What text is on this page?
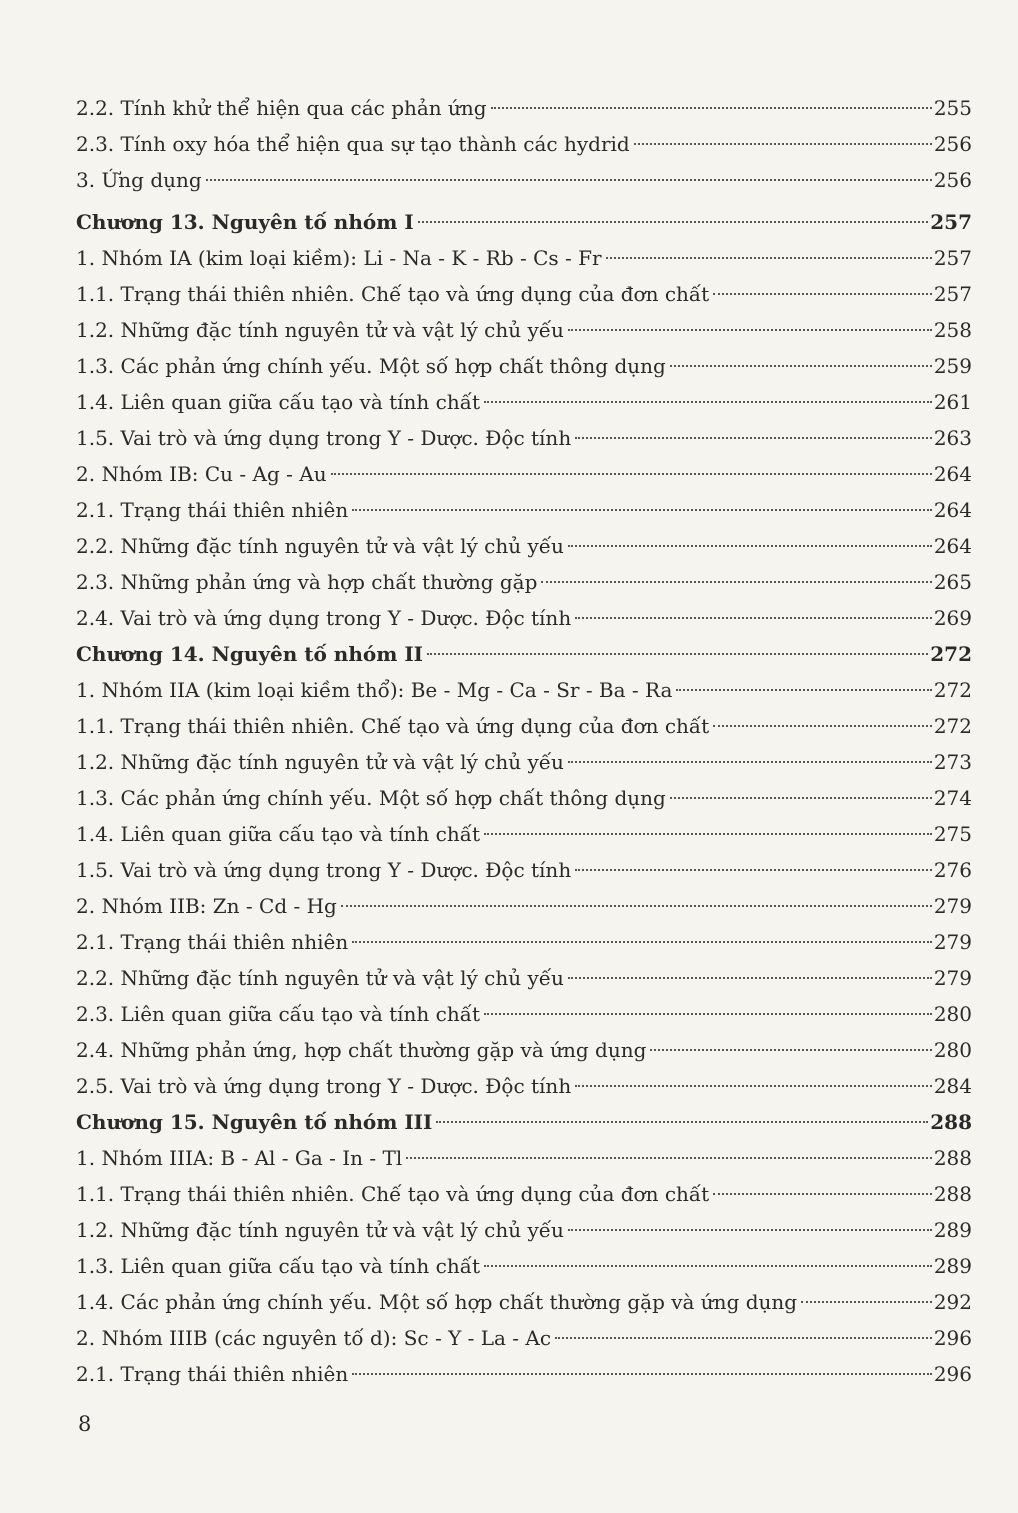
2.2. Tính khử thể hiện qua các phản ứng	255
2.3. Tính oxy hóa thể hiện qua sự tạo thành các hydrid	256
3. Ứng dụng	256
Chương 13. Nguyên tố nhóm I	257
1. Nhóm IA (kim loại kiềm): Li - Na - K - Rb - Cs - Fr	257
1.1. Trạng thái thiên nhiên. Chế tạo và ứng dụng của đơn chất	257
1.2. Những đặc tính nguyên tử và vật lý chủ yếu	258
1.3. Các phản ứng chính yếu. Một số hợp chất thông dụng	259
1.4. Liên quan giữa cấu tạo và tính chất	261
1.5. Vai trò và ứng dụng trong Y - Dược. Độc tính	263
2. Nhóm IB: Cu - Ag - Au	264
2.1. Trạng thái thiên nhiên	264
2.2. Những đặc tính nguyên tử và vật lý chủ yếu	264
2.3. Những phản ứng và hợp chất thường gặp	265
2.4. Vai trò và ứng dụng trong Y - Dược. Độc tính	269
Chương 14. Nguyên tố nhóm II	272
1. Nhóm IIA (kim loại kiềm thổ): Be - Mg - Ca - Sr - Ba - Ra	272
1.1. Trạng thái thiên nhiên. Chế tạo và ứng dụng của đơn chất	272
1.2. Những đặc tính nguyên tử và vật lý chủ yếu	273
1.3. Các phản ứng chính yếu. Một số hợp chất thông dụng	274
1.4. Liên quan giữa cấu tạo và tính chất	275
1.5. Vai trò và ứng dụng trong Y - Dược. Độc tính	276
2. Nhóm IIB: Zn - Cd - Hg	279
2.1. Trạng thái thiên nhiên	279
2.2. Những đặc tính nguyên tử và vật lý chủ yếu	279
2.3. Liên quan giữa cấu tạo và tính chất	280
2.4. Những phản ứng, hợp chất thường gặp và ứng dụng	280
2.5. Vai trò và ứng dụng trong Y - Dược. Độc tính	284
Chương 15. Nguyên tố nhóm III	288
1. Nhóm IIIA: B - Al - Ga - In - Tl	288
1.1. Trạng thái thiên nhiên. Chế tạo và ứng dụng của đơn chất	288
1.2. Những đặc tính nguyên tử và vật lý chủ yếu	289
1.3. Liên quan giữa cấu tạo và tính chất	289
1.4. Các phản ứng chính yếu. Một số hợp chất thường gặp và ứng dụng	292
2. Nhóm IIIB (các nguyên tố d): Sc - Y - La - Ac	296
2.1. Trạng thái thiên nhiên	296
8
